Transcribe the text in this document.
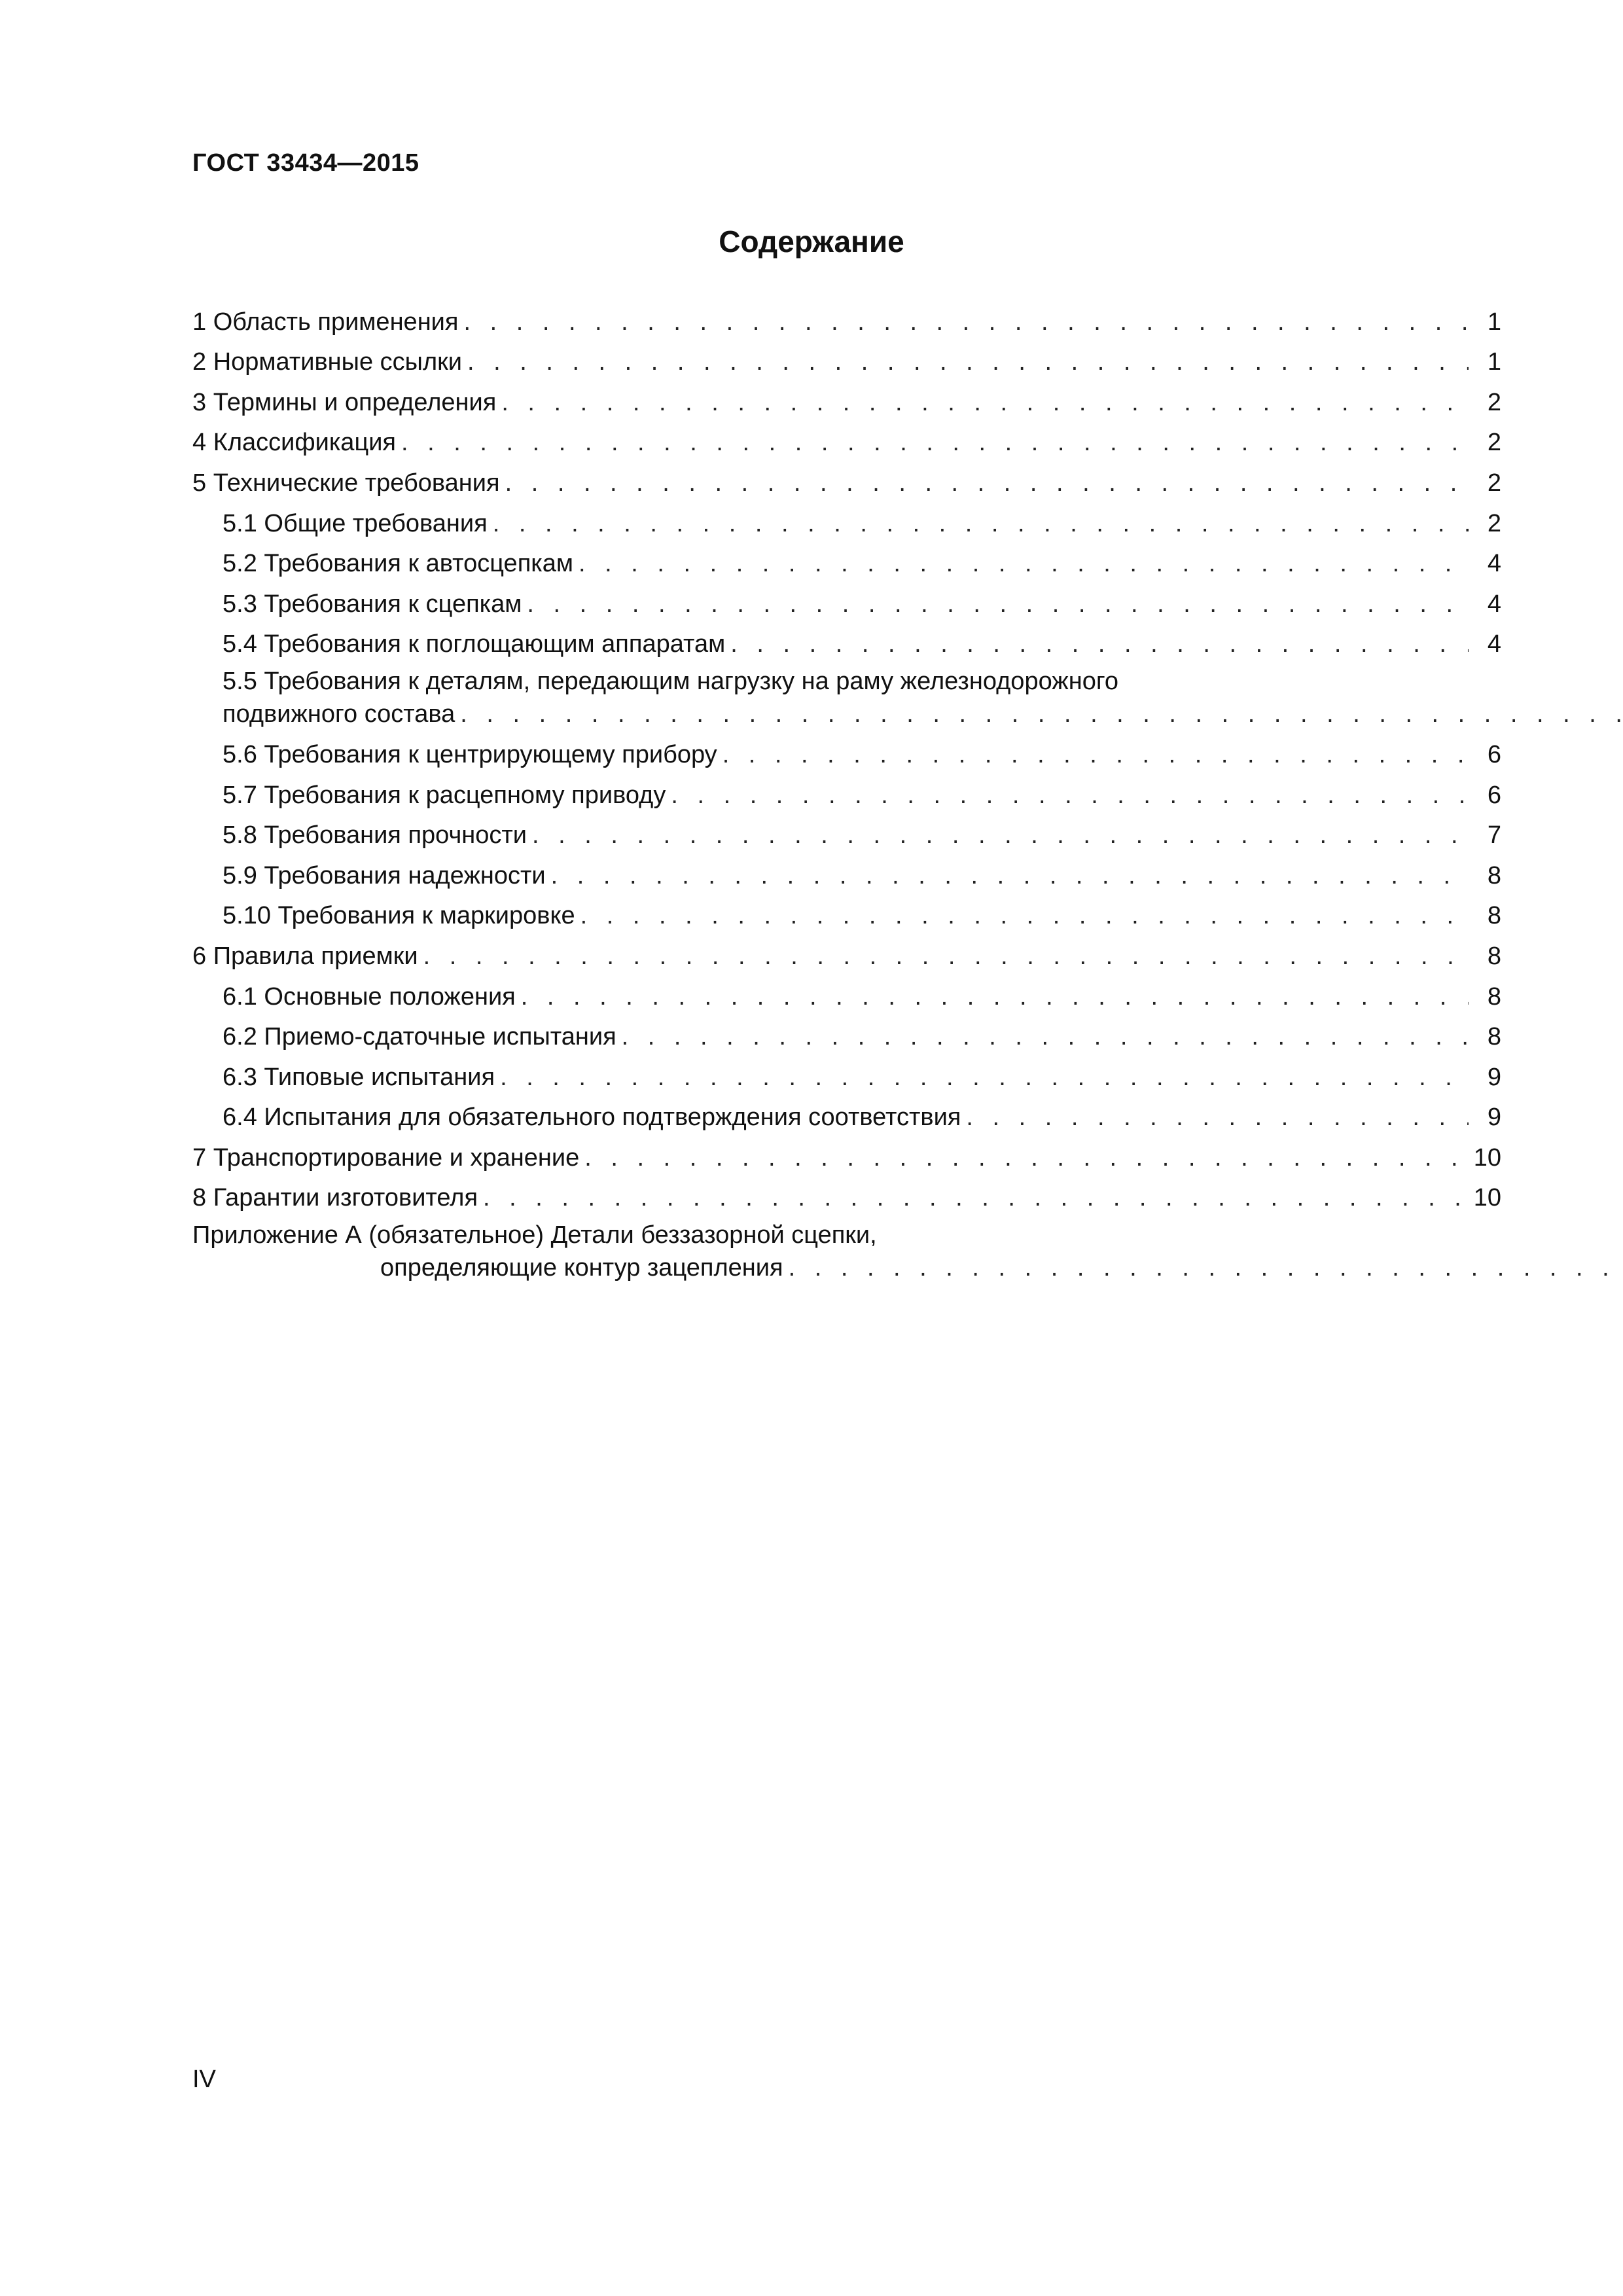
ГОСТ 33434—2015
Содержание
1 Область применения . . .	1
2 Нормативные ссылки . . .	1
3 Термины и определения . . .	2
4 Классификация . . .	2
5 Технические требования . . .	2
5.1 Общие требования . . .	2
5.2 Требования к автосцепкам . . .	4
5.3 Требования к сцепкам . . .	4
5.4 Требования к поглощающим аппаратам . . .	4
5.5 Требования к деталям, передающим нагрузку на раму железнодорожного
подвижного состава
. . .
5.6 Требования к центрирующему прибору . . .	6
5.7 Требования к расцепному приводу . . .	6
5.8 Требования прочности . . .	7
5.9 Требования надежности . . .	8
5.10 Требования к маркировке . . .	8
6 Правила приемки . . .	8
6.1 Основные положения . . .	8
6.2 Приемо-сдаточные испытания . . .	8
6.3 Типовые испытания . . .	9
6.4 Испытания для обязательного подтверждения соответствия . . .	9
7 Транспортирование и хранение . . .	10
8 Гарантии изготовителя . . .	10
Приложение А (обязательное) Детали беззазорной сцепки,
определяющие контур зацепления
. . .
IV
